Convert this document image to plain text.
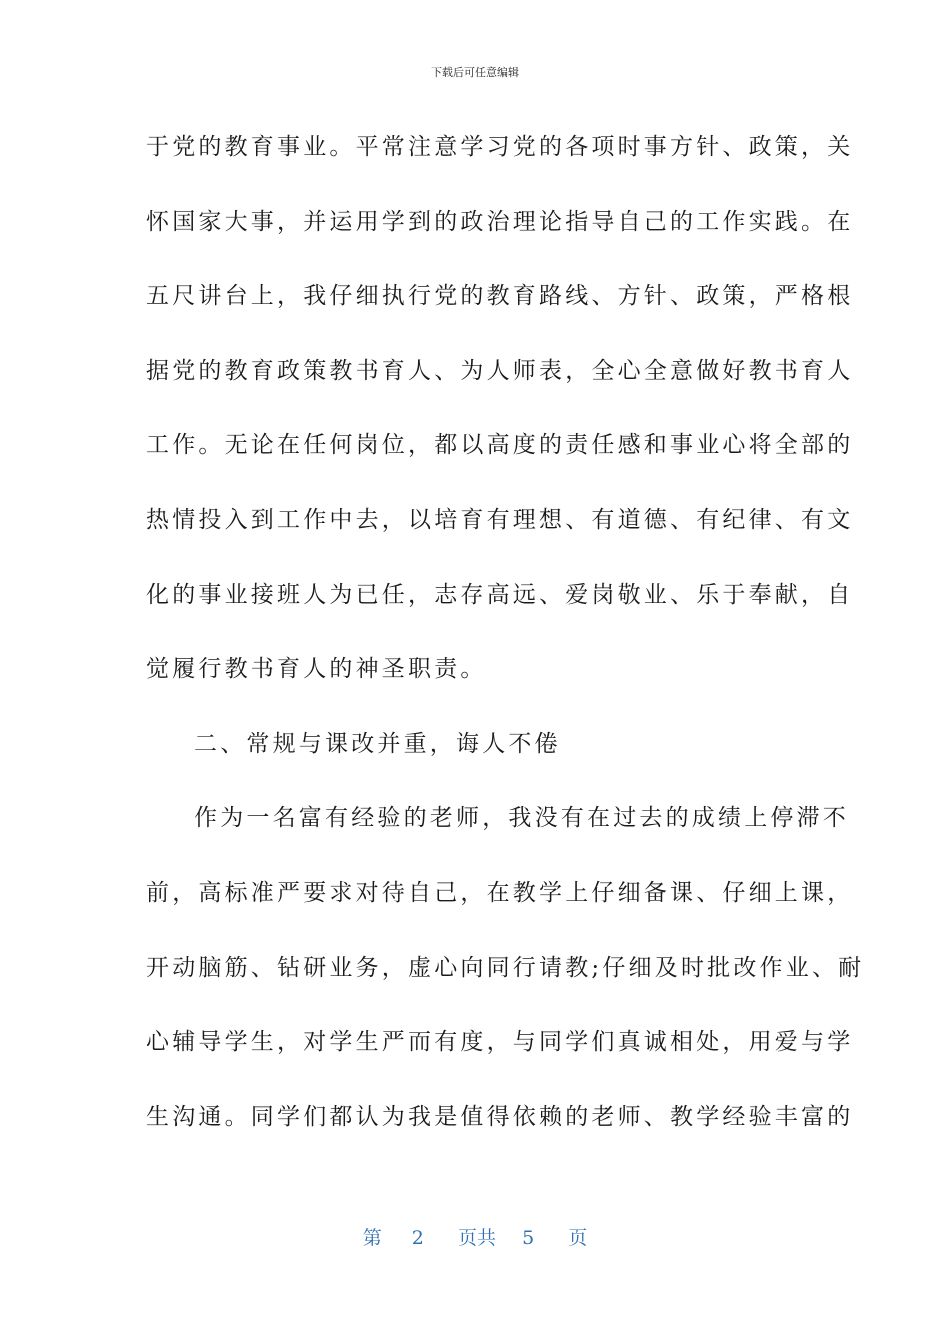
下载后可任意编辑
于党的教育事业。平常注意学习党的各项时事方针、政策，关
怀国家大事，并运用学到的政治理论指导自己的工作实践。在
五尺讲台上，我仔细执行党的教育路线、方针、政策，严格根
据党的教育政策教书育人、为人师表，全心全意做好教书育人
工作。无论在任何岗位，都以高度的责任感和事业心将全部的
热情投入到工作中去，以培育有理想、有道德、有纪律、有文
化的事业接班人为已任，志存高远、爱岗敬业、乐于奉献，自
觉履行教书育人的神圣职责。
二、常规与课改并重，诲人不倦
作为一名富有经验的老师，我没有在过去的成绩上停滞不
前，高标准严要求对待自己，在教学上仔细备课、仔细上课，
开动脑筋、钻研业务，虚心向同行请教;仔细及时批改作业、耐
心辅导学生，对学生严而有度，与同学们真诚相处，用爱与学
生沟通。同学们都认为我是值得依赖的老师、教学经验丰富的
第 2 页共 5 页
